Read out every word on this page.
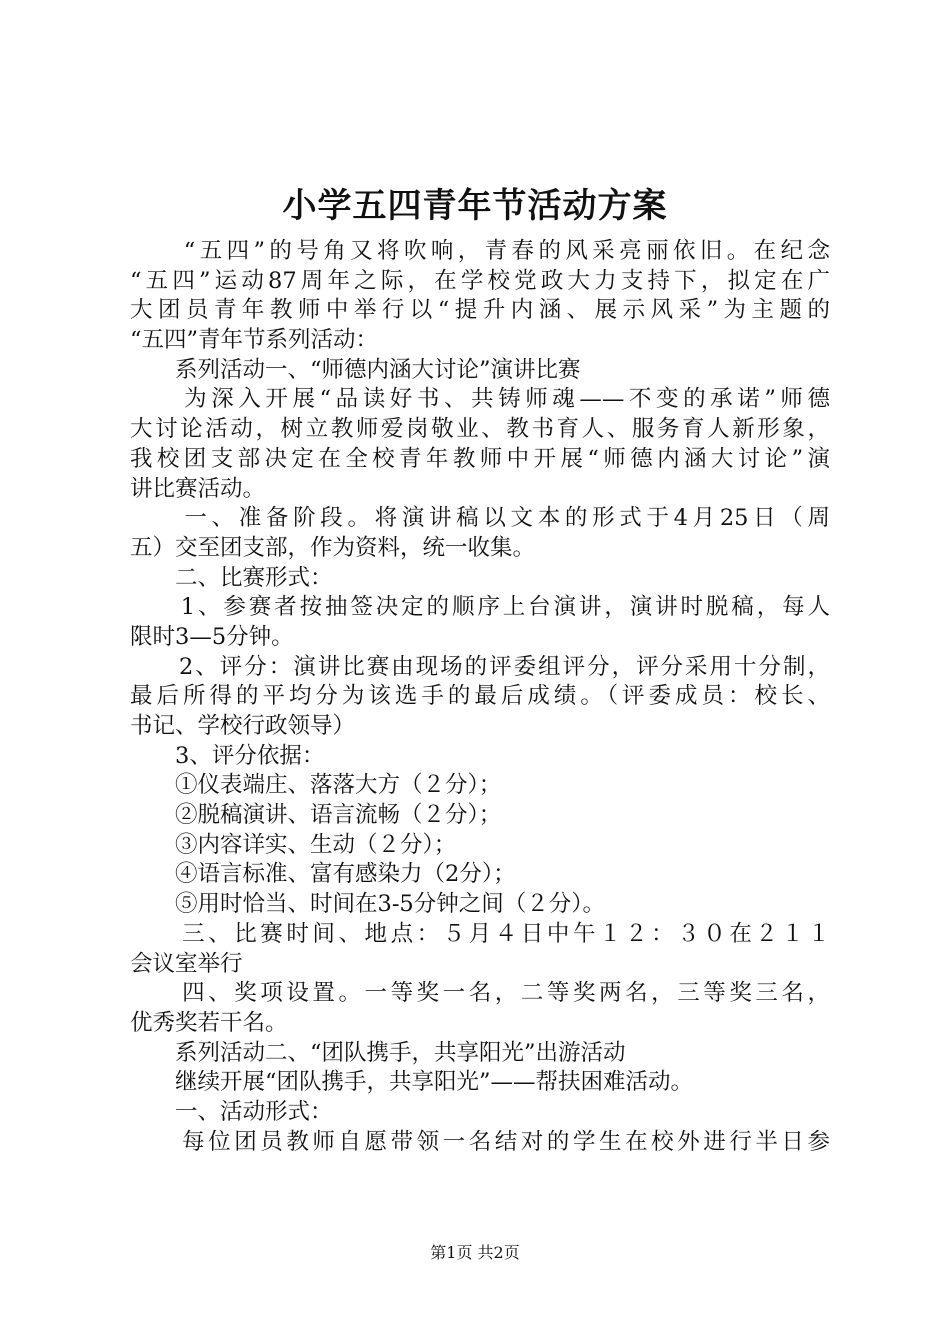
小学五四青年节活动方案
　　“五四”的号角又将吹响，青春的风采亮丽依旧。在纪念
“五四”运动87周年之际，在学校党政大力支持下，拟定在广
大团员青年教师中举行以“提升内涵、展示风采”为主题的
“五四”青年节系列活动：
　　系列活动一、“师德内涵大讨论”演讲比赛
　　为深入开展“品读好书、共铸师魂——不变的承诺”师德
大讨论活动，树立教师爱岗敬业、教书育人、服务育人新形象，
我校团支部决定在全校青年教师中开展“师德内涵大讨论”演
讲比赛活动。
　　一、准备阶段。将演讲稿以文本的形式于4月25日（周
五）交至团支部，作为资料，统一收集。
　　二、比赛形式：
　　1、参赛者按抽签决定的顺序上台演讲，演讲时脱稿，每人
限时3—5分钟。
　　2、评分：演讲比赛由现场的评委组评分，评分采用十分制，
最后所得的平均分为该选手的最后成绩。（评委成员：校长、
书记、学校行政领导）
　　3、评分依据：
　　①仪表端庄、落落大方（２分）；
　　②脱稿演讲、语言流畅（２分）；
　　③内容详实、生动（２分）；
　　④语言标准、富有感染力（2分）；
　　⑤用时恰当、时间在3-5分钟之间（２分）。
　　三、比赛时间、地点：５月４日中午１２：３０在２１１
会议室举行
　　四、奖项设置。一等奖一名，二等奖两名，三等奖三名，
优秀奖若干名。
　　系列活动二、“团队携手，共享阳光”出游活动
　　继续开展“团队携手，共享阳光”——帮扶困难活动。
　　一、活动形式：
　　每位团员教师自愿带领一名结对的学生在校外进行半日参
第1页 共2页
